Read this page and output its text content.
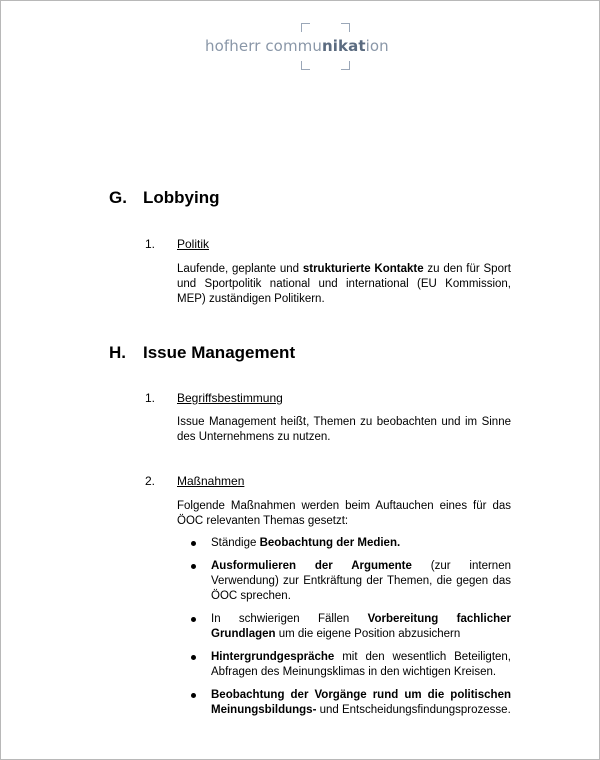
hofherr communikation
G. Lobbying
1. Politik
Laufende, geplante und strukturierte Kontakte zu den für Sport und Sportpolitik national und international (EU Kommission, MEP) zuständigen Politikern.
H. Issue Management
1. Begriffsbestimmung
Issue Management heißt, Themen zu beobachten und im Sinne des Unternehmens zu nutzen.
2. Maßnahmen
Folgende Maßnahmen werden beim Auftauchen eines für das ÖOC relevanten Themas gesetzt:
Ständige Beobachtung der Medien.
Ausformulieren der Argumente (zur internen Verwendung) zur Entkräftung der Themen, die gegen das ÖOC sprechen.
In schwierigen Fällen Vorbereitung fachlicher Grundlagen um die eigene Position abzusichern
Hintergrundgespräche mit den wesentlich Beteiligten, Abfragen des Meinungsklimas in den wichtigen Kreisen.
Beobachtung der Vorgänge rund um die politischen Meinungsbildungs- und Entscheidungsfindungsprozesse.
